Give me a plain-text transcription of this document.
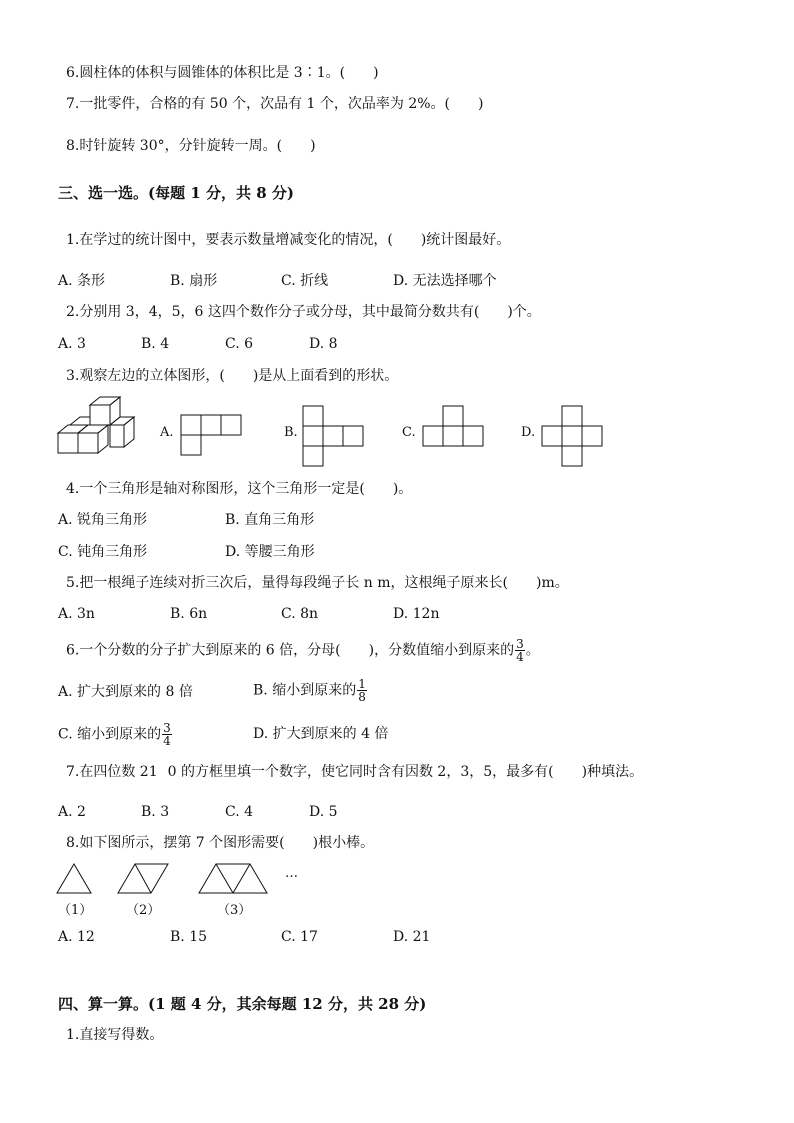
6.圆柱体的体积与圆锥体的体积比是 3∶1。(　　)
7.一批零件，合格的有 50 个，次品有 1 个，次品率为 2%。(　　)
8.时针旋转 30°，分针旋转一周。(　　)
三、选一选。(每题 1 分，共 8 分)
1.在学过的统计图中，要表示数量增减变化的情况，(　　)统计图最好。
A. 条形	B. 扇形	C. 折线	D. 无法选择哪个
2.分别用 3，4，5，6 这四个数作分子或分母，其中最简分数共有(　　)个。
A. 3	B. 4	C. 6	D. 8
3.观察左边的立体图形，(　　)是从上面看到的形状。
A.	B.	C.	D.
4.一个三角形是轴对称图形，这个三角形一定是(　　)。
A. 锐角三角形	B. 直角三角形
C. 钝角三角形	D. 等腰三角形
5.把一根绳子连续对折三次后，量得每段绳子长 n m，这根绳子原来长(　　)m。
A. 3n	B. 6n	C. 8n	D. 12n
6.一个分数的分子扩大到原来的 6 倍，分母(　　)，分数值缩小到原来的 $\frac{3}{4}$ 。
A. 扩大到原来的 8 倍	B. 缩小到原来的 $\frac{1}{8}$
C. 缩小到原来的 $\frac{3}{4}$	D. 扩大到原来的 4 倍
7.在四位数 21 0 的方框里填一个数字，使它同时含有因数 2，3，5，最多有(　　)种填法。
A. 2	B. 3	C. 4	D. 5
8.如下图所示，摆第 7 个图形需要(　　)根小棒。
…
（1）	（2）	（3）
A. 12	B. 15	C. 17	D. 21
四、算一算。(1 题 4 分，其余每题 12 分，共 28 分)
1.直接写得数。
